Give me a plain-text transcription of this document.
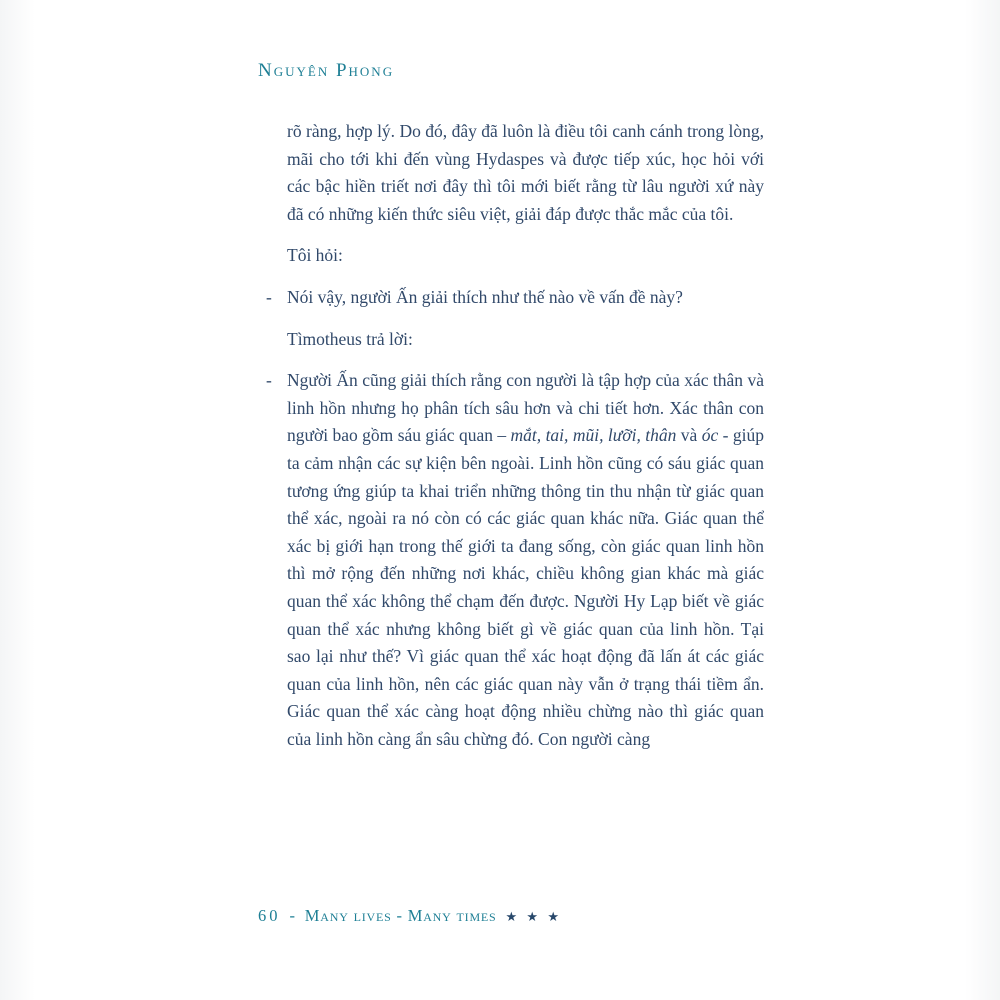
Nguyên Phong

rõ ràng, hợp lý. Do đó, đây đã luôn là điều tôi canh cánh trong lòng, mãi cho tới khi đến vùng Hydaspes và được tiếp xúc, học hỏi với các bậc hiền triết nơi đây thì tôi mới biết rằng từ lâu người xứ này đã có những kiến thức siêu việt, giải đáp được thắc mắc của tôi.

Tôi hỏi:

- Nói vậy, người Ấn giải thích như thế nào về vấn đề này?

Tìmotheus trả lời:

- Người Ấn cũng giải thích rằng con người là tập hợp của xác thân và linh hồn nhưng họ phân tích sâu hơn và chi tiết hơn. Xác thân con người bao gồm sáu giác quan – mắt, tai, mũi, lưỡi, thân và óc - giúp ta cảm nhận các sự kiện bên ngoài. Linh hồn cũng có sáu giác quan tương ứng giúp ta khai triển những thông tin thu nhận từ giác quan thể xác, ngoài ra nó còn có các giác quan khác nữa. Giác quan thể xác bị giới hạn trong thế giới ta đang sống, còn giác quan linh hồn thì mở rộng đến những nơi khác, chiều không gian khác mà giác quan thể xác không thể chạm đến được. Người Hy Lạp biết về giác quan thể xác nhưng không biết gì về giác quan của linh hồn. Tại sao lại như thế? Vì giác quan thể xác hoạt động đã lấn át các giác quan của linh hồn, nên các giác quan này vẫn ở trạng thái tiềm ẩn. Giác quan thể xác càng hoạt động nhiều chừng nào thì giác quan của linh hồn càng ẩn sâu chừng đó. Con người càng
60 - Many lives - Many times ★ ★ ★
